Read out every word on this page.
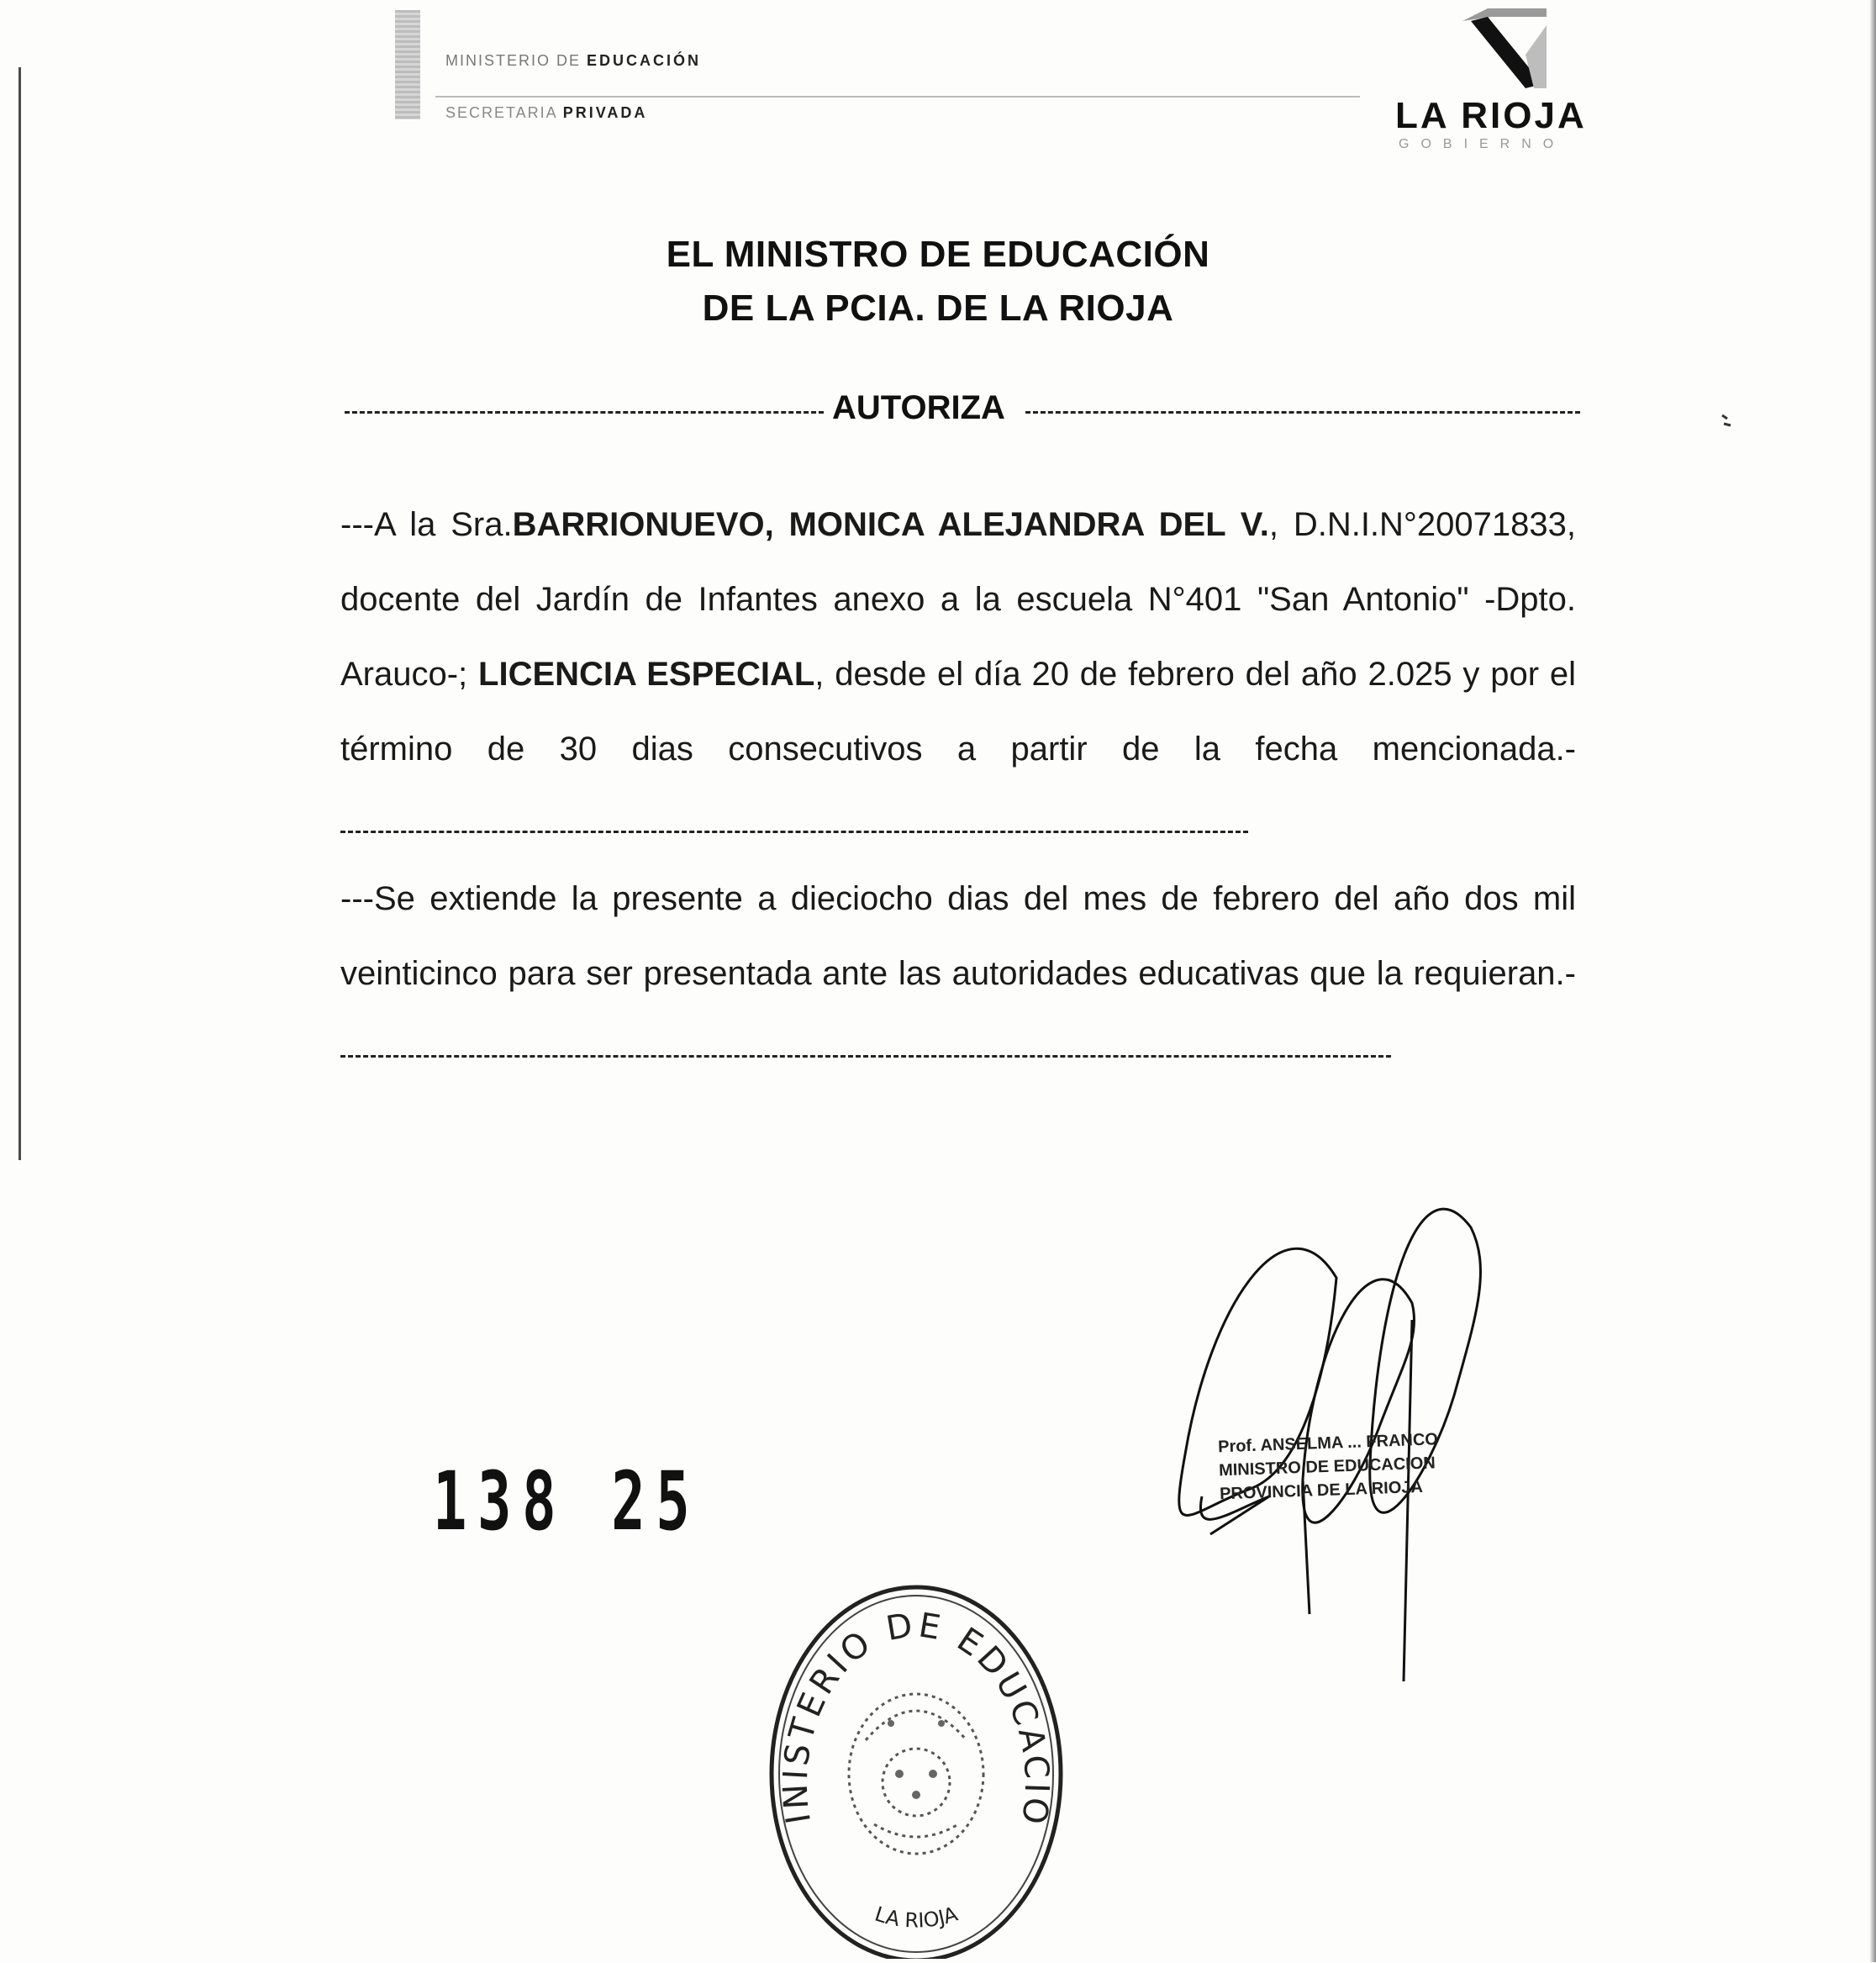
MINISTERIO DE EDUCACIÓN
SECRETARIA PRIVADA	LA RIOJA
GOBIERNO
EL MINISTRO DE EDUCACIÓN
DE LA PCIA. DE LA RIOJA
AUTORIZA

---A la Sra.BARRIONUEVO, MONICA ALEJANDRA DEL V., D.N.I.N°20071833, docente del Jardín de Infantes anexo a la escuela N°401 "San Antonio" -Dpto. Arauco-; LICENCIA ESPECIAL, desde el día 20 de febrero del año 2.025 y por el término de 30 dias consecutivos a partir de la fecha mencionada.-

---Se extiende la presente a dieciocho dias del mes de febrero del año dos mil veinticinco para ser presentada ante las autoridades educativas que la requieran.-

138 25
Prof. ANSELMA ... FRANCO
MINISTRO DE EDUCACION
PROVINCIA DE LA RIOJA
INISTERIO DE EDUCACIO
LA RIOJA
